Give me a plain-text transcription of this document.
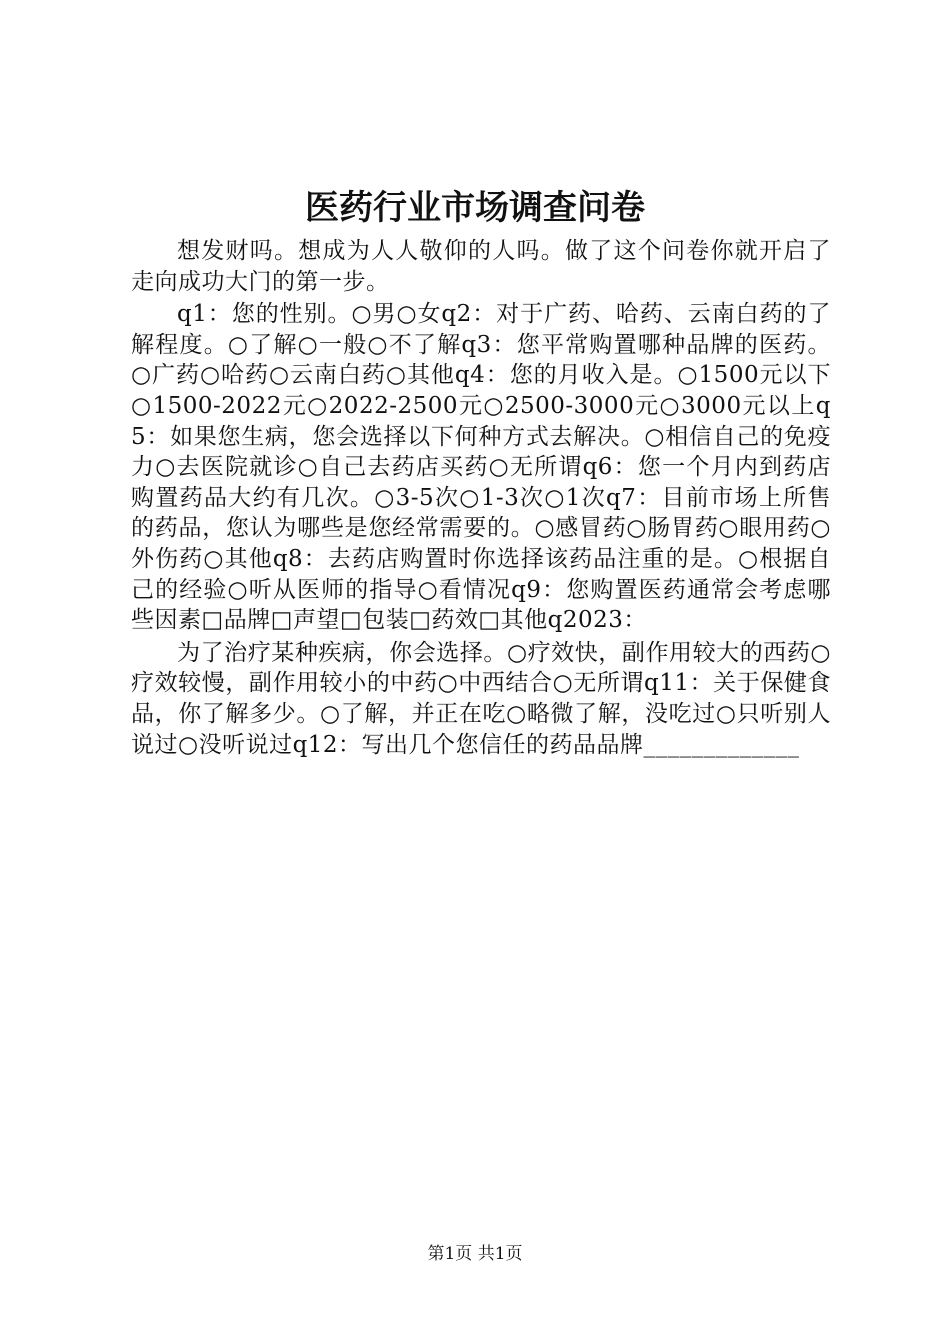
医药行业市场调查问卷

想发财吗。想成为人人敬仰的人吗。做了这个问卷你就开启了走向成功大门的第一步。

q1：您的性别。○男○女q2：对于广药、哈药、云南白药的了解程度。○了解○一般○不了解q3：您平常购置哪种品牌的医药。○广药○哈药○云南白药○其他q4：您的月收入是。○1500元以下○1500-2022元○2022-2500元○2500-3000元○3000元以上q5：如果您生病，您会选择以下何种方式去解决。○相信自己的免疫力○去医院就诊○自己去药店买药○无所谓q6：您一个月内到药店购置药品大约有几次。○3-5次○1-3次○1次q7：目前市场上所售的药品，您认为哪些是您经常需要的。○感冒药○肠胃药○眼用药○外伤药○其他q8：去药店购置时你选择该药品注重的是。○根据自己的经验○听从医师的指导○看情况q9：您购置医药通常会考虑哪些因素□品牌□声望□包装□药效□其他q2023：

为了治疗某种疾病，你会选择。○疗效快，副作用较大的西药○疗效较慢，副作用较小的中药○中西结合○无所谓q11：关于保健食品，你了解多少。○了解，并正在吃○略微了解，没吃过○只听别人说过○没听说过q12：写出几个您信任的药品品牌_____________

第1页 共1页
